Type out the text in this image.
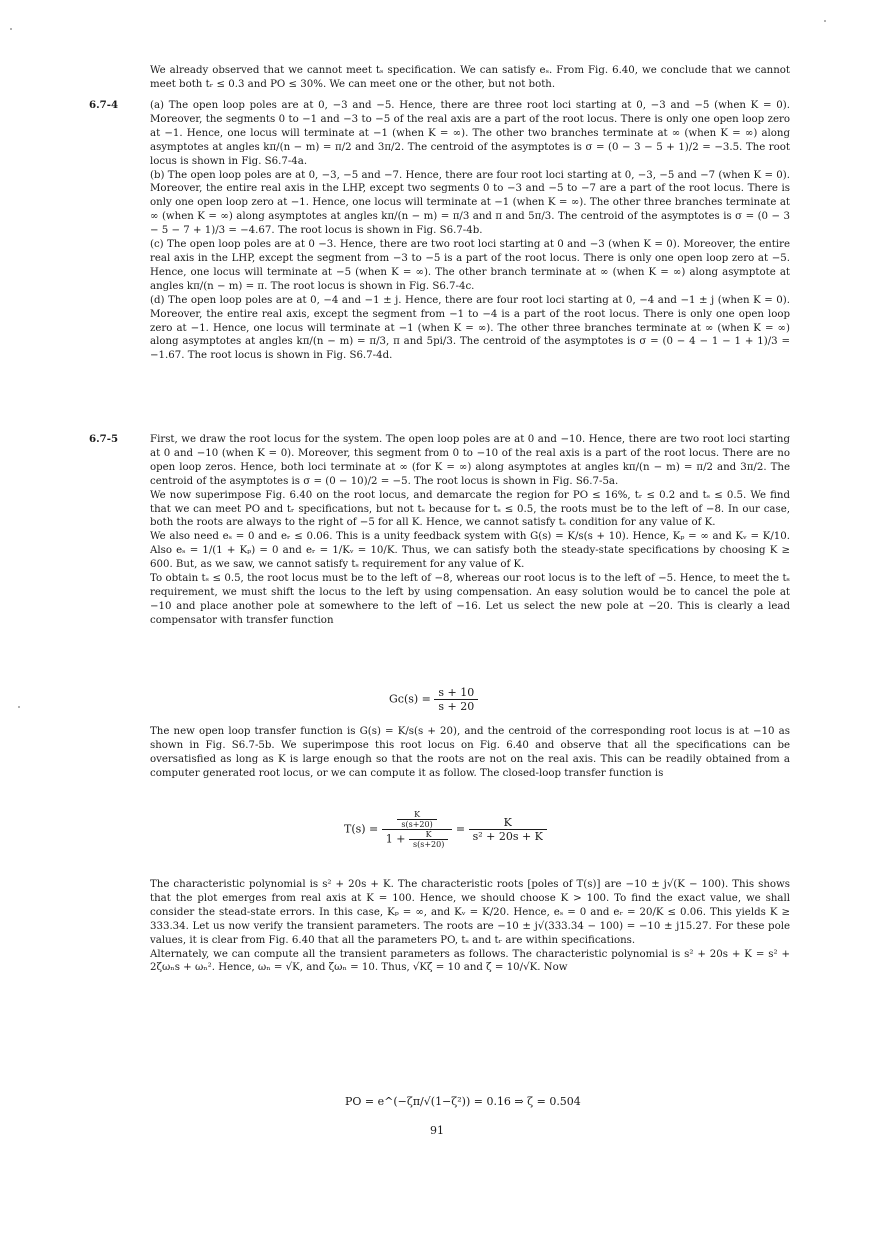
We already observed that we cannot meet tₛ specification. We can satisfy eₛ. From Fig. 6.40, we conclude that we cannot meet both tᵣ ≤ 0.3 and PO ≤ 30%. We can meet one or the other, but not both.

6.7-4	(a) The open loop poles are at 0, −3 and −5. Hence, there are three root loci starting at 0, −3 and −5 (when K = 0). Moreover, the segments 0 to −1 and −3 to −5 of the real axis are a part of the root locus. There is only one open loop zero at −1. Hence, one locus will terminate at −1 (when K = ∞). The other two branches terminate at ∞ (when K = ∞) along asymptotes at angles kπ/(n − m) = π/2 and 3π/2. The centroid of the asymptotes is σ = (0 − 3 − 5 + 1)/2 = −3.5. The root locus is shown in Fig. S6.7-4a.

(b) The open loop poles are at 0, −3, −5 and −7. Hence, there are four root loci starting at 0, −3, −5 and −7 (when K = 0). Moreover, the entire real axis in the LHP, except two segments 0 to −3 and −5 to −7 are a part of the root locus. There is only one open loop zero at −1. Hence, one locus will terminate at −1 (when K = ∞). The other three branches terminate at ∞ (when K = ∞) along asymptotes at angles kπ/(n − m) = π/3 and π and 5π/3. The centroid of the asymptotes is σ = (0 − 3 − 5 − 7 + 1)/3 = −4.67. The root locus is shown in Fig. S6.7-4b.

(c) The open loop poles are at 0 −3. Hence, there are two root loci starting at 0 and −3 (when K = 0). Moreover, the entire real axis in the LHP, except the segment from −3 to −5 is a part of the root locus. There is only one open loop zero at −5. Hence, one locus will terminate at −5 (when K = ∞). The other branch terminate at ∞ (when K = ∞) along asymptote at angles kπ/(n − m) = π. The root locus is shown in Fig. S6.7-4c.

(d) The open loop poles are at 0, −4 and −1 ± j. Hence, there are four root loci starting at 0, −4 and −1 ± j (when K = 0). Moreover, the entire real axis, except the segment from −1 to −4 is a part of the root locus. There is only one open loop zero at −1. Hence, one locus will terminate at −1 (when K = ∞). The other three branches terminate at ∞ (when K = ∞) along asymptotes at angles kπ/(n − m) = π/3, π and 5pi/3. The centroid of the asymptotes is σ = (0 − 4 − 1 − 1 + 1)/3 = −1.67. The root locus is shown in Fig. S6.7-4d.

6.7-5	First, we draw the root locus for the system. The open loop poles are at 0 and −10. Hence, there are two root loci starting at 0 and −10 (when K = 0). Moreover, this segment from 0 to −10 of the real axis is a part of the root locus. There are no open loop zeros. Hence, both loci terminate at ∞ (for K = ∞) along asymptotes at angles kπ/(n − m) = π/2 and 3π/2. The centroid of the asymptotes is σ = (0 − 10)/2 = −5. The root locus is shown in Fig. S6.7-5a.

We now superimpose Fig. 6.40 on the root locus, and demarcate the region for PO ≤ 16%, tᵣ ≤ 0.2 and tₛ ≤ 0.5. We find that we can meet PO and tᵣ specifications, but not tₛ because for tₛ ≤ 0.5, the roots must be to the left of −8. In our case, both the roots are always to the right of −5 for all K. Hence, we cannot satisfy tₛ condition for any value of K.

We also need eₛ = 0 and eᵣ ≤ 0.06. This is a unity feedback system with G(s) = K/s(s + 10). Hence, Kₚ = ∞ and Kᵥ = K/10. Also eₛ = 1/(1 + Kₚ) = 0 and eᵣ = 1/Kᵥ = 10/K. Thus, we can satisfy both the steady-state specifications by choosing K ≥ 600. But, as we saw, we cannot satisfy tₛ requirement for any value of K.

To obtain tₛ ≤ 0.5, the root locus must be to the left of −8, whereas our root locus is to the left of −5. Hence, to meet the tₛ requirement, we must shift the locus to the left by using compensation. An easy solution would be to cancel the pole at −10 and place another pole at somewhere to the left of −16. Let us select the new pole at −20. This is clearly a lead compensator with transfer function

Gᴄ(s) = $\frac{s + 10}{s + 20}$

The new open loop transfer function is G(s) = K/s(s + 20), and the centroid of the corresponding root locus is at −10 as shown in Fig. S6.7-5b. We superimpose this root locus on Fig. 6.40 and observe that all the specifications can be oversatisfied as long as K is large enough so that the roots are not on the real axis. This can be readily obtained from a computer generated root locus, or we can compute it as follow. The closed-loop transfer function is

$T(s) = \frac{\frac{K}{s(s+20)}}{1 + \frac{K}{s(s+20)}} = \frac{K}{\text{s² + 20s + K}}$

The characteristic polynomial is s² + 20s + K. The characteristic roots [poles of T(s)] are −10 ± j√(K − 100). This shows that the plot emerges from real axis at K = 100. Hence, we should choose K > 100. To find the exact value, we shall consider the stead-state errors. In this case, Kₚ = ∞, and Kᵥ = K/20. Hence, eₛ = 0 and eᵣ = 20/K ≤ 0.06. This yields K ≥ 333.34. Let us now verify the transient parameters. The roots are −10 ± j√(333.34 − 100) = −10 ± j15.27. For these pole values, it is clear from Fig. 6.40 that all the parameters PO, tₛ and tᵣ are within specifications.

Alternately, we can compute all the transient parameters as follows. The characteristic polynomial is s² + 20s + K = s² + 2ζωₙs + ωₙ². Hence, ωₙ = √K, and ζωₙ = 10. Thus, √Kζ = 10 and ζ = 10/√K. Now

PO = e^(−ζπ/√(1−ζ²)) = 0.16 ⇒ ζ = 0.504
91
